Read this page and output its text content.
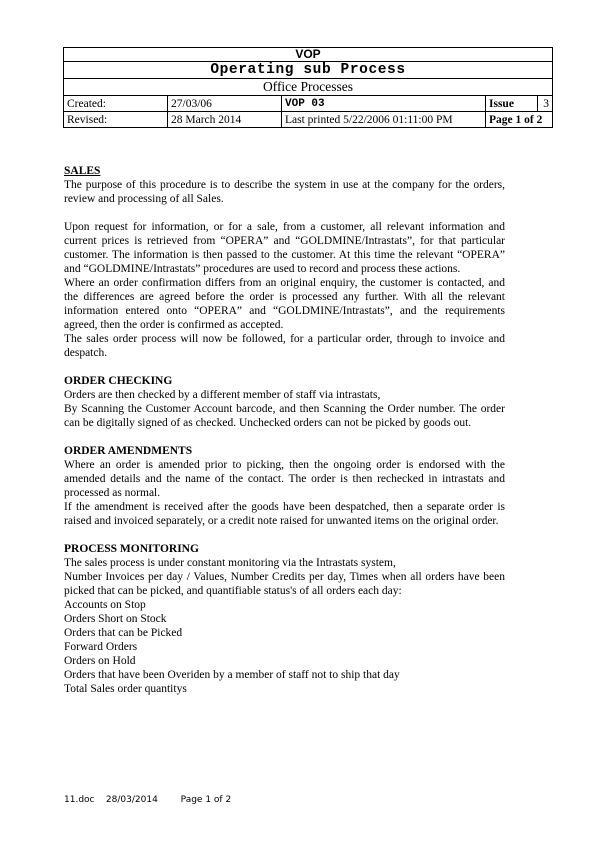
VOP				
Operating sub Process				
Office Processes				
Created:	27/03/06	VOP 03	Issue	3
Revised:	28 March 2014	Last printed 5/22/2006 01:11:00 PM	Page 1 of 2	
SALES

The purpose of this procedure is to describe the system in use at the company for the orders, review and processing of all Sales.

Upon request for information, or for a sale, from a customer, all relevant information and current prices is retrieved from “OPERA” and “GOLDMINE/Intrastats”, for that particular customer. The information is then passed to the customer. At this time the relevant “OPERA” and “GOLDMINE/Intrastats” procedures are used to record and process these actions.

Where an order confirmation differs from an original enquiry, the customer is contacted, and the differences are agreed before the order is processed any further. With all the relevant information entered onto “OPERA” and “GOLDMINE/Intrastats”, and the requirements agreed, then the order is confirmed as accepted.

The sales order process will now be followed, for a particular order, through to invoice and despatch.

ORDER CHECKING

Orders are then checked by a different member of staff via intrastats,

By Scanning the Customer Account barcode, and then Scanning the Order number. The order can be digitally signed of as checked. Unchecked orders can not be picked by goods out.

ORDER AMENDMENTS

Where an order is amended prior to picking, then the ongoing order is endorsed with the amended details and the name of the contact. The order is then rechecked in intrastats and processed as normal.

If the amendment is received after the goods have been despatched, then a separate order is raised and invoiced separately, or a credit note raised for unwanted items on the original order.

PROCESS MONITORING

The sales process is under constant monitoring via the Intrastats system,

Number Invoices per day / Values, Number Credits per day, Times when all orders have been picked that can be picked, and quantifiable status's of all orders each day:

Accounts on Stop
Orders Short on Stock
Orders that can be Picked
Forward Orders
Orders on Hold
Orders that have been Overiden by a member of staff not to ship that day
Total Sales order quantitys
11.doc    28/03/2014        Page 1 of 2
